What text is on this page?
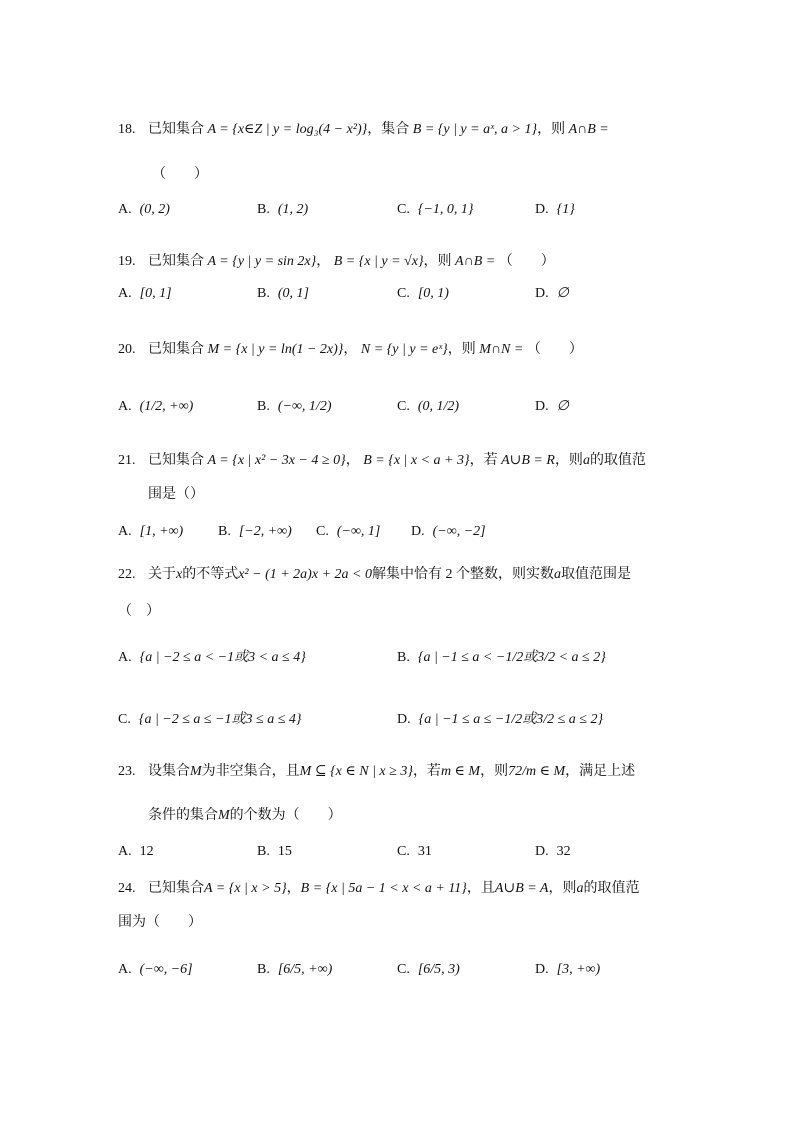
18. 已知集合 A = {x∈Z | y = log₃(4 − x²)}，集合 B = {y | y = aˣ, a > 1}，则 A∩B =
（　　）
A. (0, 2)	B. (1, 2)	C. {−1, 0, 1}	D. {1}
19. 已知集合 A = {y | y = sin 2x}， B = {x | y = √x}，则 A∩B = （　　）
A. [0, 1]	B. (0, 1]	C. [0, 1)	D. ∅
20. 已知集合 M = {x | y = ln(1 − 2x)}， N = {y | y = eˣ}，则 M∩N = （　　）
A. (1/2, +∞)	B. (−∞, 1/2)	C. (0, 1/2)	D. ∅
21. 已知集合 A = {x | x² − 3x − 4 ≥ 0}， B = {x | x < a + 3}，若 A∪B = R，则a的取值范
围是（）
A. [1, +∞) B. [−2, +∞) C. (−∞, 1] D. (−∞, −2]
22. 关于x的不等式x² − (1 + 2a)x + 2a < 0解集中恰有 2 个整数，则实数a取值范围是
（　）
A. {a | −2 ≤ a < −1或3 < a ≤ 4}	B. {a | −1 ≤ a < −1/2或3/2 < a ≤ 2}
C. {a | −2 ≤ a ≤ −1或3 ≤ a ≤ 4}	D. {a | −1 ≤ a ≤ −1/2或3/2 ≤ a ≤ 2}
23. 设集合M为非空集合，且M ⊆ {x ∈ N | x ≥ 3}，若m ∈ M，则72/m ∈ M，满足上述
条件的集合M的个数为（　　）
A. 12	B. 15	C. 31	D. 32
24. 已知集合A = {x | x > 5}，B = {x | 5a − 1 < x < a + 11}，且A∪B = A，则a的取值范
围为（　　）
A. (−∞, −6]	B. [6/5, +∞)	C. [6/5, 3)	D. [3, +∞)
